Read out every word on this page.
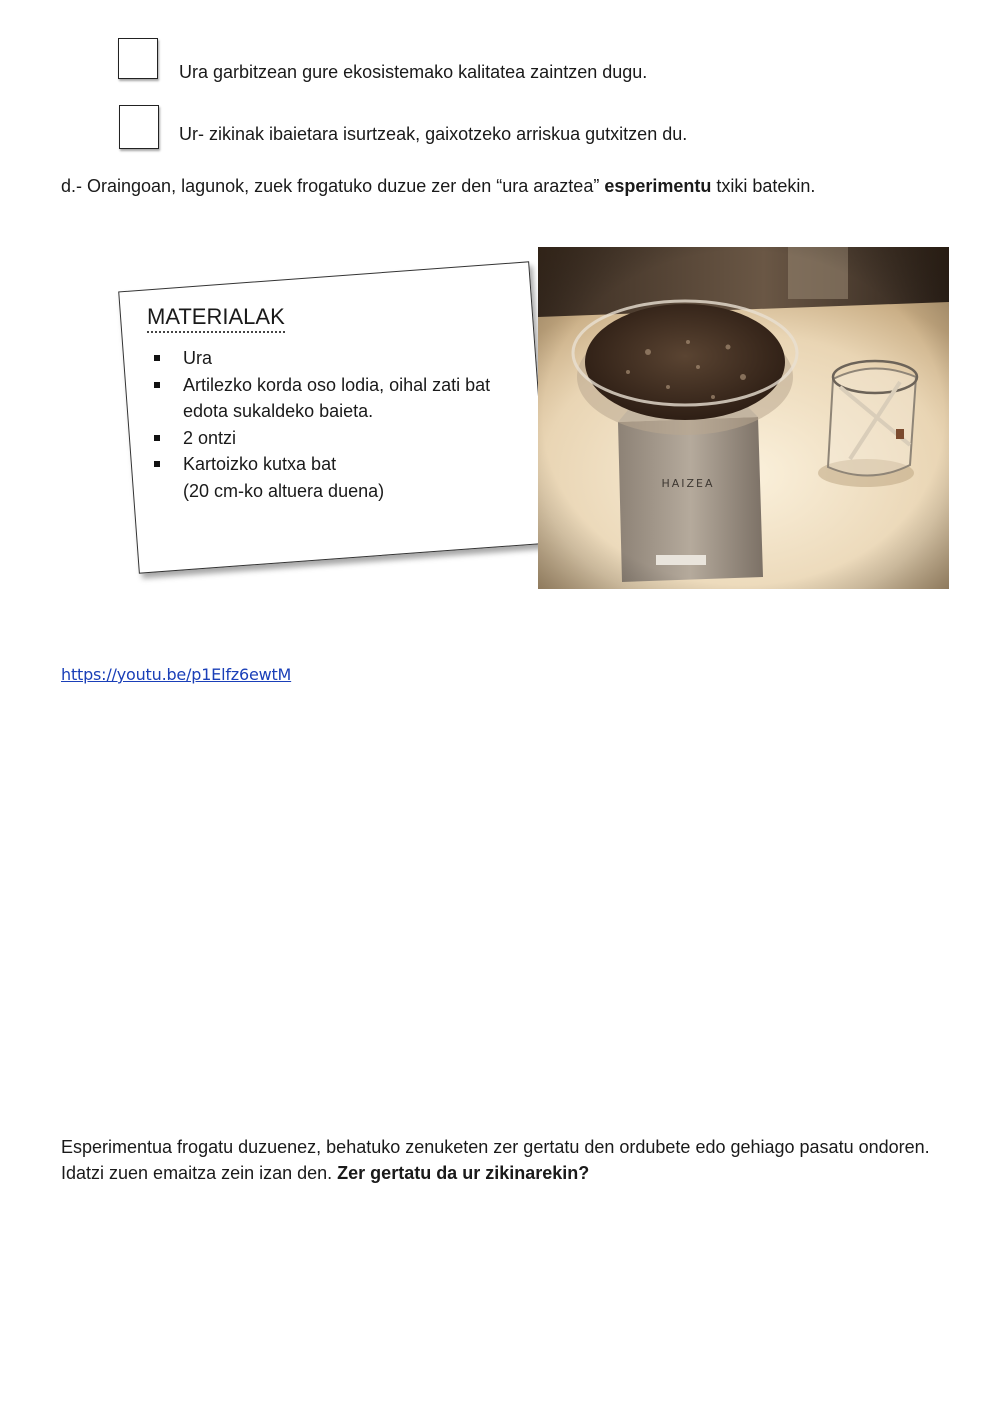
Ura garbitzean gure ekosistemako kalitatea zaintzen dugu.
Ur- zikinak ibaietara isurtzeak, gaixotzeko arriskua gutxitzen du.
d.- Oraingoan, lagunok, zuek frogatuko duzue zer den “ura araztea” esperimentu txiki batekin.
MATERIALAK
Ura
Artilezko korda oso lodia, oihal zati bat
edota sukaldeko baieta.
2 ontzi
Kartoizko kutxa bat
(20 cm-ko altuera duena)
https://youtu.be/p1Elfz6ewtM
Esperimentua frogatu duzuenez, behatuko zenuketen zer gertatu den ordubete edo gehiago pasatu ondoren. Idatzi zuen emaitza zein izan den. Zer gertatu da ur zikinarekin?
